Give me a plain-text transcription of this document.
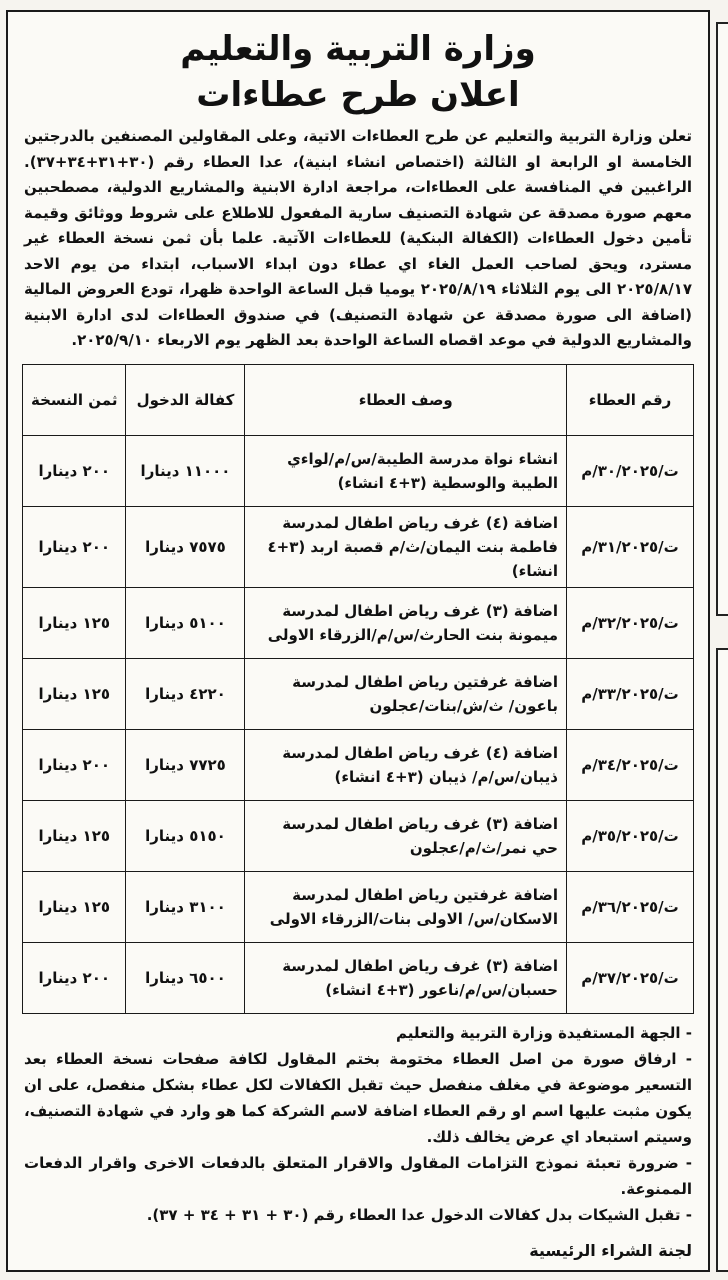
وزارة التربية والتعليم
اعلان طرح عطاءات

تعلن وزارة التربية والتعليم عن طرح العطاءات الاتية، وعلى المقاولين المصنفين بالدرجتين الخامسة او الرابعة او الثالثة (اختصاص انشاء ابنية)، عدا العطاء رقم (٣٠+٣١+٣٤+٣٧). الراغبين في المنافسة على العطاءات، مراجعة ادارة الابنية والمشاريع الدولية، مصطحبين معهم صورة مصدقة عن شهادة التصنيف سارية المفعول للاطلاع على شروط ووثائق وقيمة تأمين دخول العطاءات (الكفالة البنكية) للعطاءات الآتية. علما بأن ثمن نسخة العطاء غير مسترد، ويحق لصاحب العمل الغاء اي عطاء دون ابداء الاسباب، ابتداء من يوم الاحد ٢٠٢٥/٨/١٧ الى يوم الثلاثاء ٢٠٢٥/٨/١٩ يوميا قبل الساعة الواحدة ظهرا، تودع العروض المالية (اضافة الى صورة مصدقة عن شهادة التصنيف) في صندوق العطاءات لدى ادارة الابنية والمشاريع الدولية في موعد اقصاه الساعة الواحدة بعد الظهر يوم الاربعاء ٢٠٢٥/٩/١٠.

رقم العطاء	وصف العطاء	كفالة الدخول	ثمن النسخة
ت/٣٠/٢٠٢٥/م	انشاء نواة مدرسة الطيبة/س/م/لواءي الطيبة والوسطية (٣+٤ انشاء)	١١٠٠٠ دينارا	٢٠٠ دينارا
ت/٣١/٢٠٢٥/م	اضافة (٤) غرف رياض اطفال لمدرسة فاطمة بنت اليمان/ث/م قصبة اربد (٣+٤ انشاء)	٧٥٧٥ دينارا	٢٠٠ دينارا
ت/٣٢/٢٠٢٥/م	اضافة (٣) غرف رياض اطفال لمدرسة ميمونة بنت الحارث/س/م/الزرقاء الاولى	٥١٠٠ دينارا	١٢٥ دينارا
ت/٣٣/٢٠٢٥/م	اضافة غرفتين رياض اطفال لمدرسة باعون/ ث/ش/بنات/عجلون	٤٢٢٠ دينارا	١٢٥ دينارا
ت/٣٤/٢٠٢٥/م	اضافة (٤) غرف رياض اطفال لمدرسة ذيبان/س/م/ ذيبان (٣+٤ انشاء)	٧٧٢٥ دينارا	٢٠٠ دينارا
ت/٣٥/٢٠٢٥/م	اضافة (٣) غرف رياض اطفال لمدرسة حي نمر/ث/م/عجلون	٥١٥٠ دينارا	١٢٥ دينارا
ت/٣٦/٢٠٢٥/م	اضافة غرفتين رياض اطفال لمدرسة الاسكان/س/ الاولى بنات/الزرقاء الاولى	٣١٠٠ دينارا	١٢٥ دينارا
ت/٣٧/٢٠٢٥/م	اضافة (٣) غرف رياض اطفال لمدرسة حسبان/س/م/ناعور (٣+٤ انشاء)	٦٥٠٠ دينارا	٢٠٠ دينارا

- الجهة المستفيدة وزارة التربية والتعليم

- ارفاق صورة من اصل العطاء مختومة بختم المقاول لكافة صفحات نسخة العطاء بعد التسعير موضوعة في مغلف منفصل حيث تقبل الكفالات لكل عطاء بشكل منفصل، على ان يكون مثبت عليها اسم او رقم العطاء اضافة لاسم الشركة كما هو وارد في شهادة التصنيف، وسيتم استبعاد اي عرض يخالف ذلك.

- ضرورة تعبئة نموذج التزامات المقاول والاقرار المتعلق بالدفعات الاخرى واقرار الدفعات الممنوعة.

- تقبل الشيكات بدل كفالات الدخول عدا العطاء رقم (٣٠ + ٣١ + ٣٤ + ٣٧).

لجنة الشراء الرئيسية
